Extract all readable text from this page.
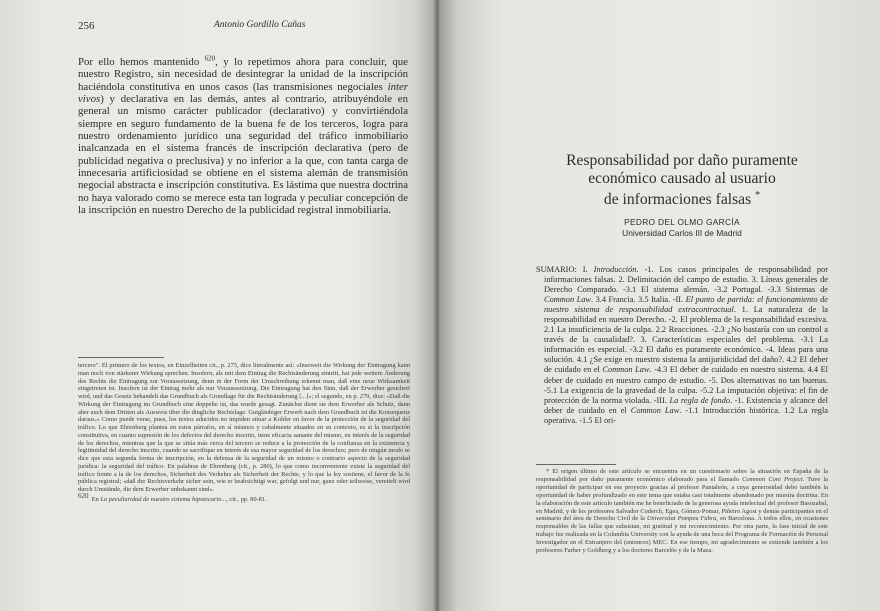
256	Antonio Gordillo Cañas
Por ello hemos mantenido $^{620}$, y lo repetimos ahora para concluir, que nuestro Registro, sin necesidad de desintegrar la unidad de la inscripción haciéndola constitutiva en unos casos (las transmisiones negociales inter vivos) y declarativa en las demás, antes al contrario, atribuyéndole en general un mismo carácter publicador (declarativo) y convirtiéndola siempre en seguro fundamento de la buena fe de los terceros, logra para nuestro ordenamiento jurídico una seguridad del tráfico inmobiliario inalcanzada en el sistema francés de inscripción declarativa (pero de publicidad negativa o preclusiva) y no inferior a la que, con tanta carga de innecesaria artificiosidad se obtiene en el sistema alemán de transmisión negocial abstracta e inscripción constitutiva. Es lástima que nuestra doctrina no haya valorado como se merece esta tan lograda y peculiar concepción de la inscripción en nuestro Derecho de la publicidad registral inmobiliaria.

tercero". El primero de los textos, en Einzelheiten cit., p. 275, dice literalmente así: «Insoweit die Wirkung der Eintragung kann man noch von stärkerer Wirkung sprechen. Insofern, als mit dem Eintrag die Rechtsänderung eintritt, hat jede weitere Änderung des Rechts die Eintragung zur Voraussetzung, denn in der Form der Umschreibung erkennt man, daß eine neue Wirksamkeit eingetreten ist. Insofern ist der Eintrag mehr als nur Vorausssetzung. Die Eintragung hat den Sinn, daß der Erwerber gesichert wird, und das Gesetz behandelt das Grundbuch als Grundlage für die Rechtsänderung [...]»; el segundo, en p. 279, dice: «Daß die Wirkung der Eintragung im Grundbuch eine doppelte ist, das wurde gesagt. Zunächst dient sie dem Erwerber als Schutz, dann aber auch dem Dritten als Ausweis über die dingliche Rechtslage. Gutgläubiger Erwerb nach dem Grundbuch ist die Konsequenz daraus.» Como puede verse, pues, los textos aducidos no impiden situar a Kohler en favor de la protección de la seguridad del tráfico. Lo que Ehrenberg plantea en estos párrafos, en sí mismos y cabalmente situados en su contexto, es si la inscripción constitutiva, en cuanto supresión de los defectos del derecho inscrito, tiene eficacia sanante del mismo, en interés de la seguridad de los derechos, mientras que la que se sitúa más cerca del tercero se reduce a la protección de la confianza en la existencia y legitimidad del derecho inscrito, cuando se sacrifique en interés de esa mayor seguridad de los derechos; pero de ningún modo se dice que esta segunda forma de inscripción, en la defensa de la seguridad de un mismo o contrario aspecto de la seguridad jurídica: la seguridad del tráfico. En palabras de Ehrenberg (cit., p. 280), lo que como inconveniente existe la seguridad del tráfico frente a la de los derechos, Sicherheit des Verkehrs als Sicherheit der Rechte, y lo que la ley sostiene, el favor de la fe pública registral; «daß der Rechtsverkehr sicher sein, wie er beabsichtigt war, gefolgt und nur, ganz oder teilweise, vereitelt wird durch Umstände, die dem Erwerber unbekannt sind».

620 En La peculiaridad de nuestro sistema hipotecario..., cit., pp. 80-81.

Responsabilidad por daño puramente
económico causado al usuario
de informaciones falsas *
PEDRO DEL OLMO GARCÍA
Universidad Carlos III de Madrid
SUMARIO: I. Introducción. -1. Los casos principales de responsabilidad por informaciones falsas. 2. Delimitación del campo de estudio. 3. Líneas generales de Derecho Comparado. -3.1 El sistema alemán. -3.2 Portugal. -3.3 Sistemas de Common Law. 3.4 Francia. 3.5 Italia. -II. El punto de partida: el funcionamiento de nuestro sistema de responsabilidad extracontractual. 1. La naturaleza de la responsabilidad en nuestro Derecho. -2. El problema de la responsabilidad excesiva. 2.1 La insuficiencia de la culpa. 2.2 Reacciones. -2.3 ¿No bastaría con un control a través de la causalidad?. 3. Características especiales del problema. -3.1 La información es especial. -3.2 El daño es puramente económico. -4. Ideas para una solución. 4.1 ¿Se exige en nuestro sistema la antijuridicidad del daño?. 4.2 El deber de cuidado en el Common Law. -4.3 El deber de cuidado en nuestro sistema. 4.4 El deber de cuidado en nuestro campo de estudio. -5. Dos alternativas no tan buenas. -5.1 La exigencia de la gravedad de la culpa. -5.2 La imputación objetiva: el fin de protección de la norma violada. -III. La regla de fondo. -1. Existencia y alcance del deber de cuidado en el Common Law. -1.1 Introducción histórica. 1.2 La regla operativa. -1.5 El ori-

* El origen último de este artículo se encuentra en un cuestionario sobre la situación en España de la responsabilidad por daño puramente económico elaborado para el llamado Common Core Project. Tuve la oportunidad de participar en ese proyecto gracias al profesor Pantaleón, a cuya generosidad debo también la oportunidad de haber profundizado en este tema que estaba casi totalmente abandonado por nuestra doctrina. En la elaboración de este artículo también me he beneficiado de la generosa ayuda intelectual del profesor Basozabal, en Madrid, y de los profesores Salvador Coderch, Egea, Gómez-Pomar, Piñeiro Agost y demás participantes en el seminario del área de Derecho Civil de la Universitat Pompeu Fabra, en Barcelona. A todos ellos, en ocasiones responsables de las fallas que subsistan, mi gratitud y mi reconocimiento. Por otra parte, la fase inicial de este trabajo fue realizada en la Columbia University con la ayuda de una beca del Programa de Formación de Personal Investigador en el Extranjero del (entonces) MEC. En ese tiempo, mi agradecimiento se extiende también a los profesores Farber y Goldberg y a los doctores Barcelós y de la Maza.
